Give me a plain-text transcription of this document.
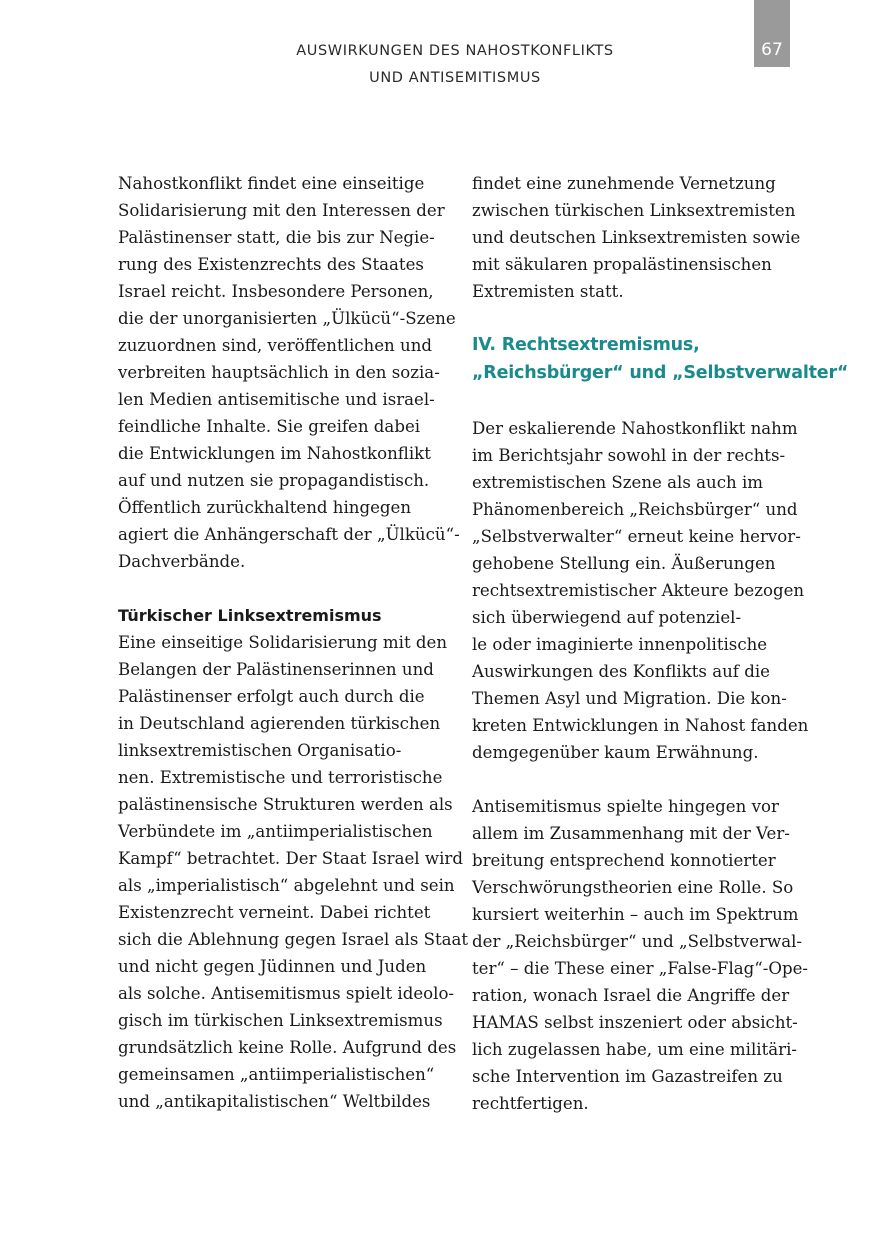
AUSWIRKUNGEN DES NAHOSTKONFLIKTS
UND ANTISEMITISMUS
67
Nahostkonflikt findet eine einseitige
Solidarisierung mit den Interessen der
Palästinenser statt, die bis zur Negie-
rung des Existenzrechts des Staates
Israel reicht. Insbesondere Personen,
die der unorganisierten „Ülkücü“-Szene
zuzuordnen sind, veröffentlichen und
verbreiten hauptsächlich in den sozia-
len Medien antisemitische und israel-
feindliche Inhalte. Sie greifen dabei
die Entwicklungen im Nahostkonflikt
auf und nutzen sie propagandistisch.
Öffentlich zurückhaltend hingegen
agiert die Anhängerschaft der „Ülkücü“-
Dachverbände.
Türkischer Linksextremismus
Eine einseitige Solidarisierung mit den
Belangen der Palästinenserinnen und
Palästinenser erfolgt auch durch die
in Deutschland agierenden türkischen
linksextremistischen Organisatio-
nen. Extremistische und terroristische
palästinensische Strukturen werden als
Verbündete im „antiimperialistischen
Kampf“ betrachtet. Der Staat Israel wird
als „imperialistisch“ abgelehnt und sein
Existenzrecht verneint. Dabei richtet
sich die Ablehnung gegen Israel als Staat
und nicht gegen Jüdinnen und Juden
als solche. Antisemitismus spielt ideolo-
gisch im türkischen Linksextremismus
grundsätzlich keine Rolle. Aufgrund des
gemeinsamen „antiimperialistischen“
und „antikapitalistischen“ Weltbildes
findet eine zunehmende Vernetzung
zwischen türkischen Linksextremisten
und deutschen Linksextremisten sowie
mit säkularen propalästinensischen
Extremisten statt.
IV. Rechtsextremismus,
„Reichsbürger“ und „Selbstverwalter“
Der eskalierende Nahostkonflikt nahm
im Berichtsjahr sowohl in der rechts-
extremistischen Szene als auch im
Phänomenbereich „Reichsbürger“ und
„Selbstverwalter“ erneut keine hervor-
gehobene Stellung ein. Äußerungen
rechtsextremistischer Akteure bezogen
sich überwiegend auf potenziel-
le oder imaginierte innenpolitische
Auswirkungen des Konflikts auf die
Themen Asyl und Migration. Die kon-
kreten Entwicklungen in Nahost fanden
demgegenüber kaum Erwähnung.
Antisemitismus spielte hingegen vor
allem im Zusammenhang mit der Ver-
breitung entsprechend konnotierter
Verschwörungstheorien eine Rolle. So
kursiert weiterhin – auch im Spektrum
der „Reichsbürger“ und „Selbstverwal-
ter“ – die These einer „False-Flag“-Ope-
ration, wonach Israel die Angriffe der
HAMAS selbst inszeniert oder absicht-
lich zugelassen habe, um eine militäri-
sche Intervention im Gazastreifen zu
rechtfertigen.
